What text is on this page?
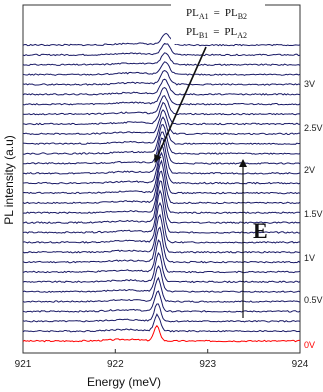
921	922	923	924
Energy (meV)
PL intensity (a.u)
0V
0.5V
1V
1.5V
2V
2.5V
3V
$PL_{A1} = PL_{B2}$
$PL_{B1} = PL_{A2}$
E
